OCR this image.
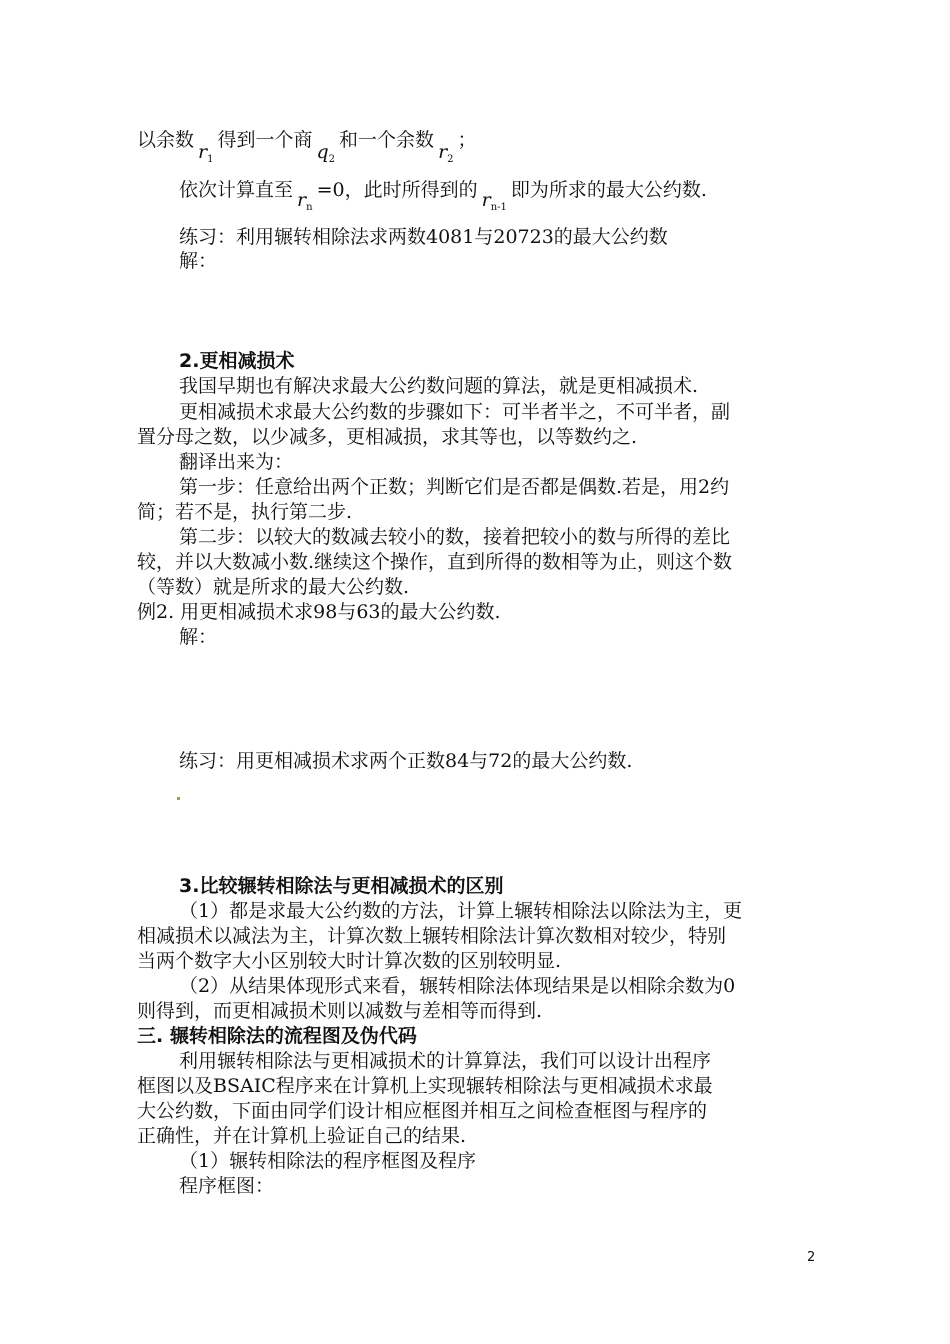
以余数$r_1$得到一个商$q_2$和一个余数$r_2$；
依次计算直至 $r_n=0$，此时所得到的 $r_{n-1}$即为所求的最大公约数.
练习：利用辗转相除法求两数4081与20723的最大公约数
解：
2.更相减损术
我国早期也有解决求最大公约数问题的算法，就是更相减损术.
更相减损术求最大公约数的步骤如下：可半者半之，不可半者，副
置分母之数，以少减多，更相减损，求其等也，以等数约之.
翻译出来为：
第一步：任意给出两个正数；判断它们是否都是偶数.若是，用2约
简；若不是，执行第二步.
第二步：以较大的数减去较小的数，接着把较小的数与所得的差比
较，并以大数减小数.继续这个操作，直到所得的数相等为止，则这个数
（等数）就是所求的最大公约数.
例2. 用更相减损术求98与63的最大公约数.
解：
练习：用更相减损术求两个正数84与72的最大公约数.
3.比较辗转相除法与更相减损术的区别
（1）都是求最大公约数的方法，计算上辗转相除法以除法为主，更
相减损术以减法为主，计算次数上辗转相除法计算次数相对较少，特别
当两个数字大小区别较大时计算次数的区别较明显.
（2）从结果体现形式来看，辗转相除法体现结果是以相除余数为0
则得到，而更相减损术则以减数与差相等而得到.
三. 辗转相除法的流程图及伪代码
利用辗转相除法与更相减损术的计算算法，我们可以设计出程序
框图以及BSAIC程序来在计算机上实现辗转相除法与更相减损术求最
大公约数，下面由同学们设计相应框图并相互之间检查框图与程序的
正确性，并在计算机上验证自己的结果.
（1）辗转相除法的程序框图及程序
程序框图：
2
